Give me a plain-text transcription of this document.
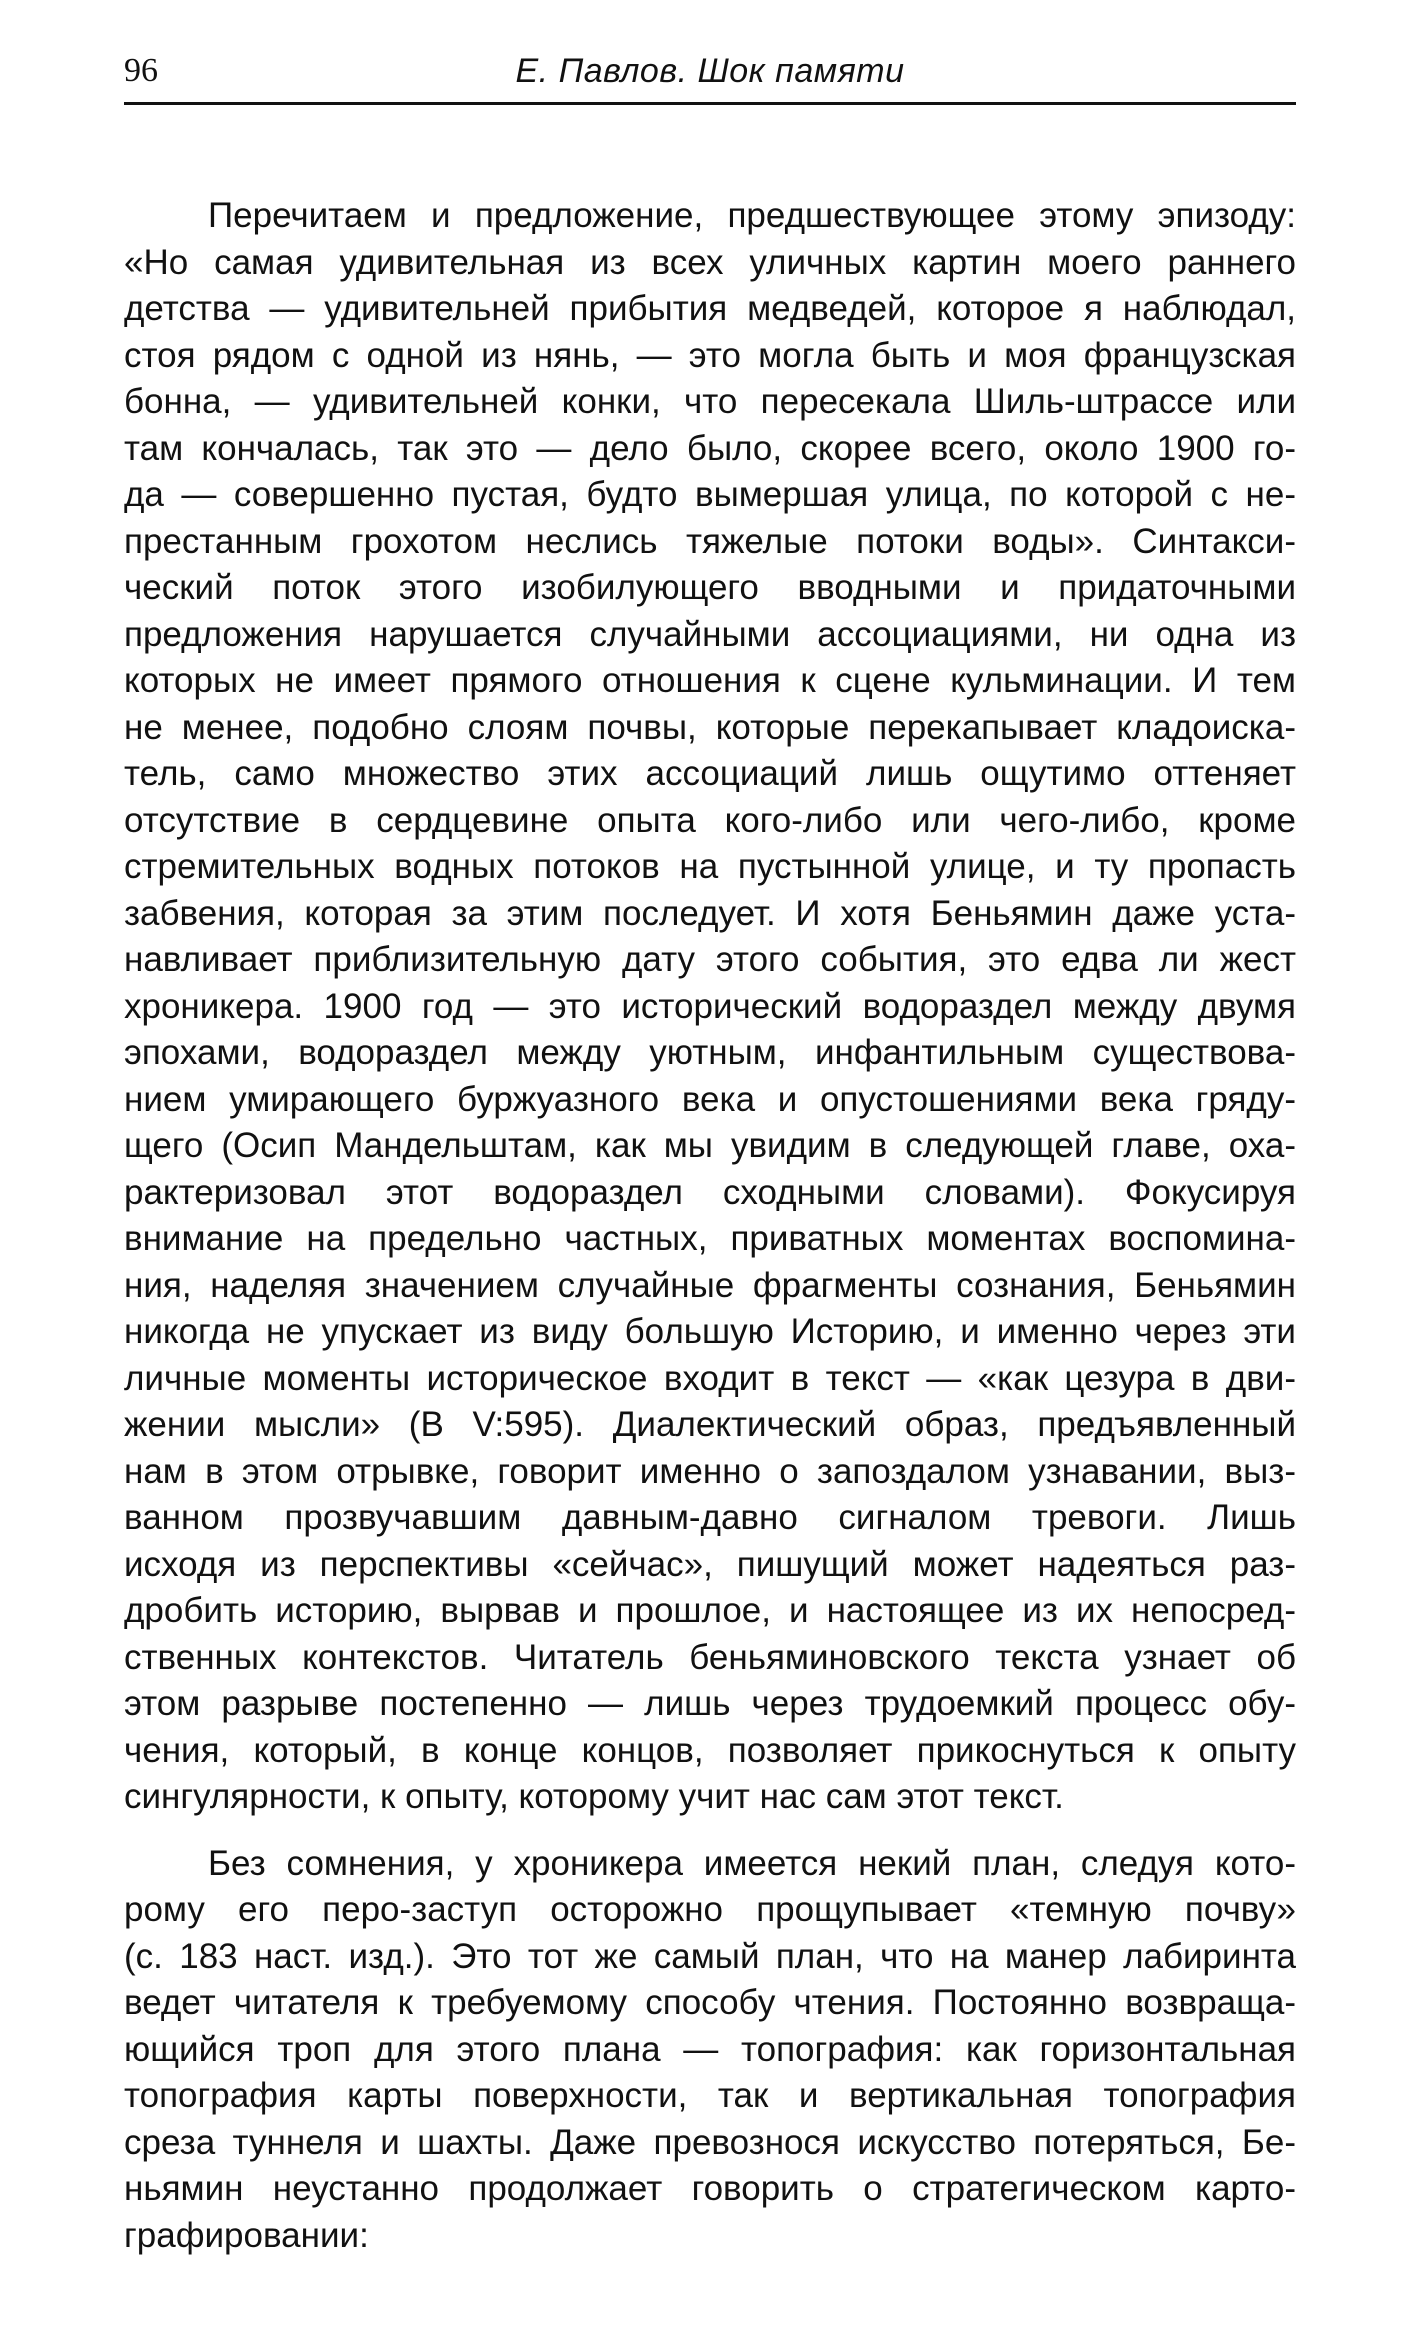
96	Е. Павлов. Шок памяти
Перечитаем и предложение, предшествующее этому эпизоду:
«Но самая удивительная из всех уличных картин моего раннего
детства — удивительней прибытия медведей, которое я наблюдал,
стоя рядом с одной из нянь, — это могла быть и моя французская
бонна, — удивительней конки, что пересекала Шиль-штрассе или
там кончалась, так это — дело было, скорее всего, около 1900 го-
да — совершенно пустая, будто вымершая улица, по которой с не-
престанным грохотом неслись тяжелые потоки воды». Синтакси-
ческий поток этого изобилующего вводными и придаточными
предложения нарушается случайными ассоциациями, ни одна из
которых не имеет прямого отношения к сцене кульминации. И тем
не менее, подобно слоям почвы, которые перекапывает кладоиска-
тель, само множество этих ассоциаций лишь ощутимо оттеняет
отсутствие в сердцевине опыта кого-либо или чего-либо, кроме
стремительных водных потоков на пустынной улице, и ту пропасть
забвения, которая за этим последует. И хотя Беньямин даже уста-
навливает приблизительную дату этого события, это едва ли жест
хроникера. 1900 год — это исторический водораздел между двумя
эпохами, водораздел между уютным, инфантильным существова-
нием умирающего буржуазного века и опустошениями века гряду-
щего (Осип Мандельштам, как мы увидим в следующей главе, оха-
рактеризовал этот водораздел сходными словами). Фокусируя
внимание на предельно частных, приватных моментах воспомина-
ния, наделяя значением случайные фрагменты сознания, Беньямин
никогда не упускает из виду большую Историю, и именно через эти
личные моменты историческое входит в текст — «как цезура в дви-
жении мысли» (В V:595). Диалектический образ, предъявленный
нам в этом отрывке, говорит именно о запоздалом узнавании, выз-
ванном прозвучавшим давным-давно сигналом тревоги. Лишь
исходя из перспективы «сейчас», пишущий может надеяться раз-
дробить историю, вырвав и прошлое, и настоящее из их непосред-
ственных контекстов. Читатель беньяминовского текста узнает об
этом разрыве постепенно — лишь через трудоемкий процесс обу-
чения, который, в конце концов, позволяет прикоснуться к опыту
сингулярности, к опыту, которому учит нас сам этот текст.
Без сомнения, у хроникера имеется некий план, следуя кото-
рому его перо-заступ осторожно прощупывает «темную почву»
(с. 183 наст. изд.). Это тот же самый план, что на манер лабиринта
ведет читателя к требуемому способу чтения. Постоянно возвраща-
ющийся троп для этого плана — топография: как горизонтальная
топография карты поверхности, так и вертикальная топография
среза туннеля и шахты. Даже превознося искусство потеряться, Бе-
ньямин неустанно продолжает говорить о стратегическом карто-
графировании:
